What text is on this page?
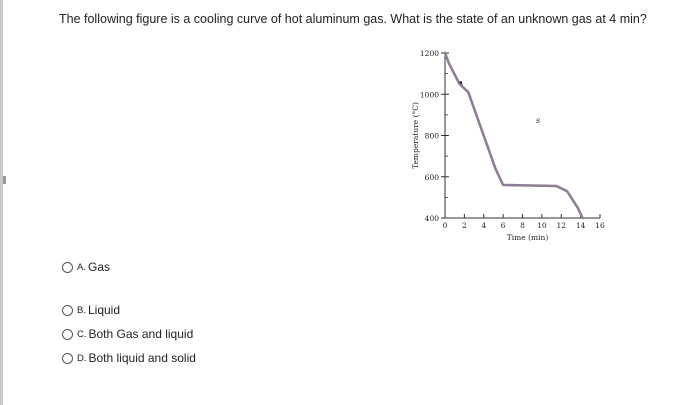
The following figure is a cooling curve of hot aluminum gas. What is the state of an unknown gas at 4 min?
400
600
800
1000
1200
0 2 4 6 8 10 12 14 16
Time (min)
Temperature (°C)	s
A. Gas
B. Liquid
C. Both Gas and liquid
D. Both liquid and solid
